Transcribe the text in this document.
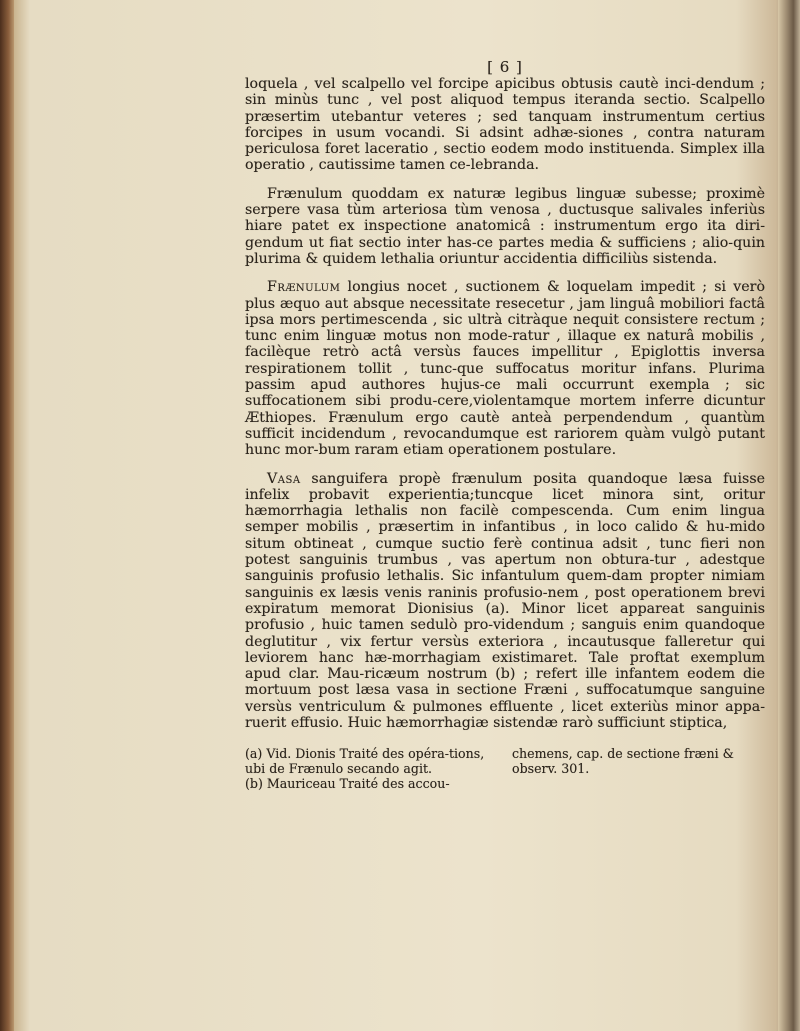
[ 6 ]

loquela , vel scalpello vel forcipe apicibus obtusis cautè inci-dendum ; sin minùs tunc , vel post aliquod tempus iteranda sectio. Scalpello præsertim utebantur veteres ; sed tanquam instrumentum certius forcipes in usum vocandi. Si adsint adhæ-siones , contra naturam periculosa foret laceratio , sectio eodem modo instituenda. Simplex illa operatio , cautissime tamen ce-lebranda.

Frænulum quoddam ex naturæ legibus linguæ subesse; proximè serpere vasa tùm arteriosa tùm venosa , ductusque salivales inferiùs hiare patet ex inspectione anatomicâ : instrumentum ergo ita diri-gendum ut fiat sectio inter has-ce partes media & sufficiens ; alio-quin plurima & quidem lethalia oriuntur accidentia difficiliùs sistenda.

Frænulum longius nocet , suctionem & loquelam impedit ; si verò plus æquo aut absque necessitate resecetur , jam linguâ mobiliori factâ ipsa mors pertimescenda , sic ultrà citràque nequit consistere rectum ; tunc enim linguæ motus non mode-ratur , illaque ex naturâ mobilis , facilèque retrò actâ versùs fauces impellitur , Epiglottis inversa respirationem tollit , tunc-que suffocatus moritur infans. Plurima passim apud authores hujus-ce mali occurrunt exempla ; sic suffocationem sibi produ-cere,violentamque mortem inferre dicuntur Æthiopes. Frænulum ergo cautè anteà perpendendum , quantùm sufficit incidendum , revocandumque est rariorem quàm vulgò putant hunc mor-bum raram etiam operationem postulare.

Vasa sanguifera propè frænulum posita quandoque læsa fuisse infelix probavit experientia;tuncque licet minora sint, oritur hæmorrhagia lethalis non facilè compescenda. Cum enim lingua semper mobilis , præsertim in infantibus , in loco calido & hu-mido situm obtineat , cumque suctio ferè continua adsit , tunc fieri non potest sanguinis trumbus , vas apertum non obtura-tur , adestque sanguinis profusio lethalis. Sic infantulum quem-dam propter nimiam sanguinis ex læsis venis raninis profusio-nem , post operationem brevi expiratum memorat Dionisius (a). Minor licet appareat sanguinis profusio , huic tamen sedulò pro-videndum ; sanguis enim quandoque deglutitur , vix fertur versùs exteriora , incautusque falleretur qui leviorem hanc hæ-morrhagiam existimaret. Tale proftat exemplum apud clar. Mau-ricæum nostrum (b) ; refert ille infantem eodem die mortuum post læsa vasa in sectione Fræni , suffocatumque sanguine versùs ventriculum & pulmones effluente , licet exteriùs minor appa-ruerit effusio. Huic hæmorrhagiæ sistendæ rarò sufficiunt stiptica,

(a) Vid. Dionis Traité des opéra-tions, ubi de Frænulo secando agit.

(b) Mauriceau Traité des accou-

chemens, cap. de sectione fræni & observ. 301.
